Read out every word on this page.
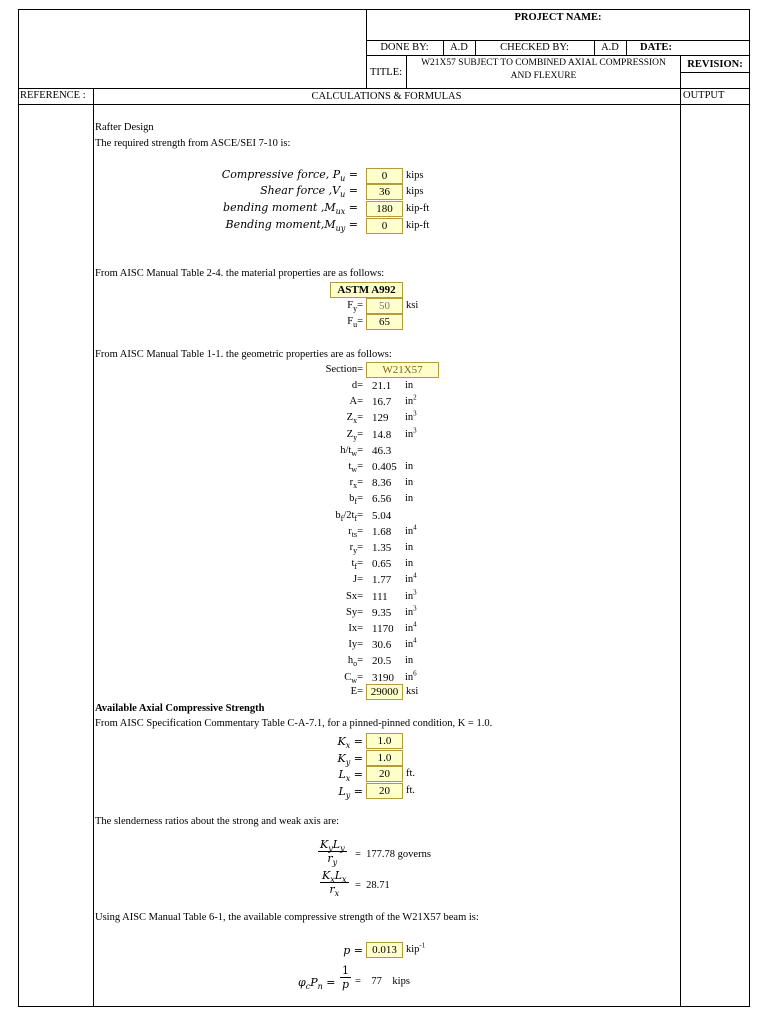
PROJECT NAME:
DONE BY:	A.D	CHECKED BY:	A.D	DATE:
TITLE:
W21X57 SUBJECT TO COMBINED AXIAL COMPRESSION
AND FLEXURE
REVISION:
REFERENCE :	CALCULATIONS & FORMULAS	OUTPUT
Rafter Design
The required strength from ASCE/SEI 7-10 is:
Compressive force, $P_u$ =	0	kips
Shear force $,V_u$ =	36	kips
bending moment $,M_{ux}$ =	180	kip-ft
Bending $moment,M_{uy}$ =	0	kip-ft
From AISC Manual Table 2-4. the material properties are as follows:
ASTM A992
$F_y=$	50	ksi
$F_u=$	65
From AISC Manual Table 1-1. the geometric properties are as follows:
Section=	W21X57
d= 21.1 in
A= 16.7 $in^2$
$Z_x= 129$ $in^3$
$Z_y= 14.8$ $in^3$
$h/t_w= 46.3$
$t_w= 0.405$ in
$r_x= 8.36$ in
$b_f= 6.56$ in
$b_f/2t_f= 5.04$
$r_{ts}= 1.68$ $in^4$
$r_y= 1.35$ in
$t_f= 0.65$ in
J= 1.77 $in^4$
Sx= 111 $in^3$
Sy= 9.35 $in^3$
Ix= 1170 $in^4$
Iy= 30.6 $in^4$
$h_o= 20.5$ in
$C_w= 3190$ $in^6$
E= 29000 ksi
Available Axial Compressive Strength
From AISC Specification Commentary Table C-A-7.1, for a pinned-pinned condition, K = 1.0.
$K_x$ =	1.0
$K_y$ =	1.0
$L_x$ =	20	ft.
$L_y$ =	20	ft.
The slenderness ratios about the strong and weak axis are:
$K_yL_y$
$r_y$
=  177.78 governs
$K_xL_x$
$r_x$
=  28.71
Using AISC Manual Table 6-1, the available compressive strength of the W21X57 beam is:
p = 0.013 kip$^{-1}$
$\varphi_cP_n = \frac{1}{p}$ =    77 kips
